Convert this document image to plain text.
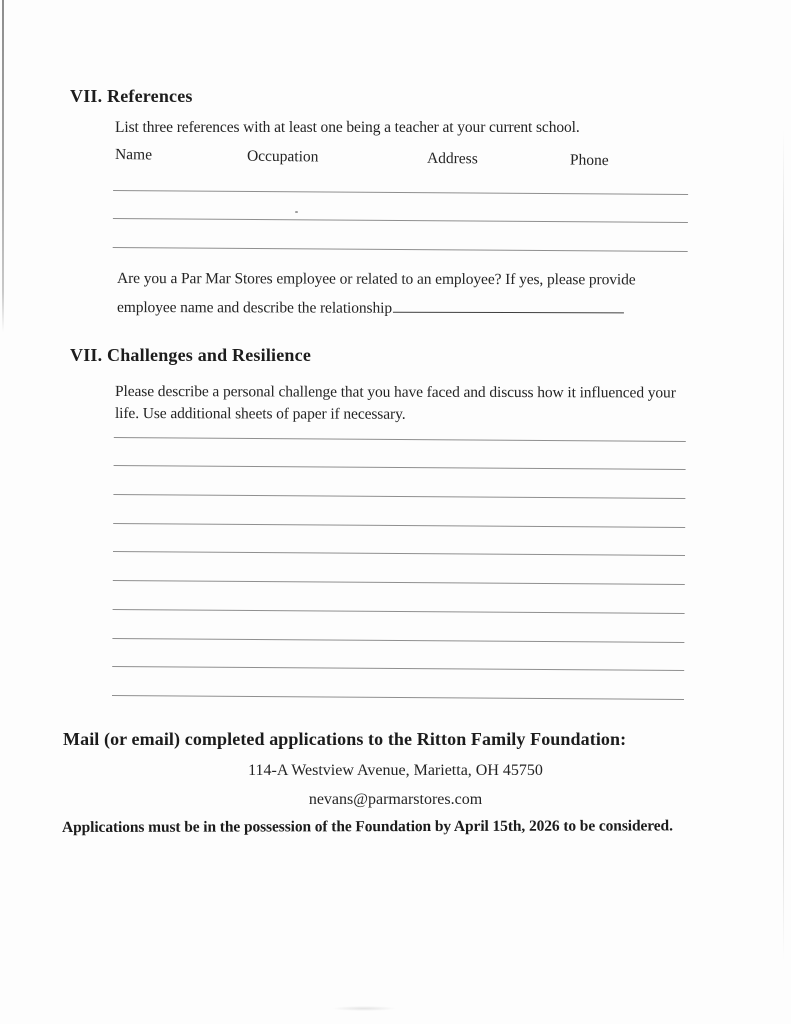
VII. References
List three references with at least one being a teacher at your current school.
Name	Occupation	Address	Phone
Are you a Par Mar Stores employee or related to an employee? If yes, please provide
employee name and describe the relationship
VII. Challenges and Resilience
Please describe a personal challenge that you have faced and discuss how it influenced your
life. Use additional sheets of paper if necessary.
Mail (or email) completed applications to the Ritton Family Foundation:
114-A Westview Avenue, Marietta, OH 45750
nevans@parmarstores.com
Applications must be in the possession of the Foundation by April 15th, 2026 to be considered.
